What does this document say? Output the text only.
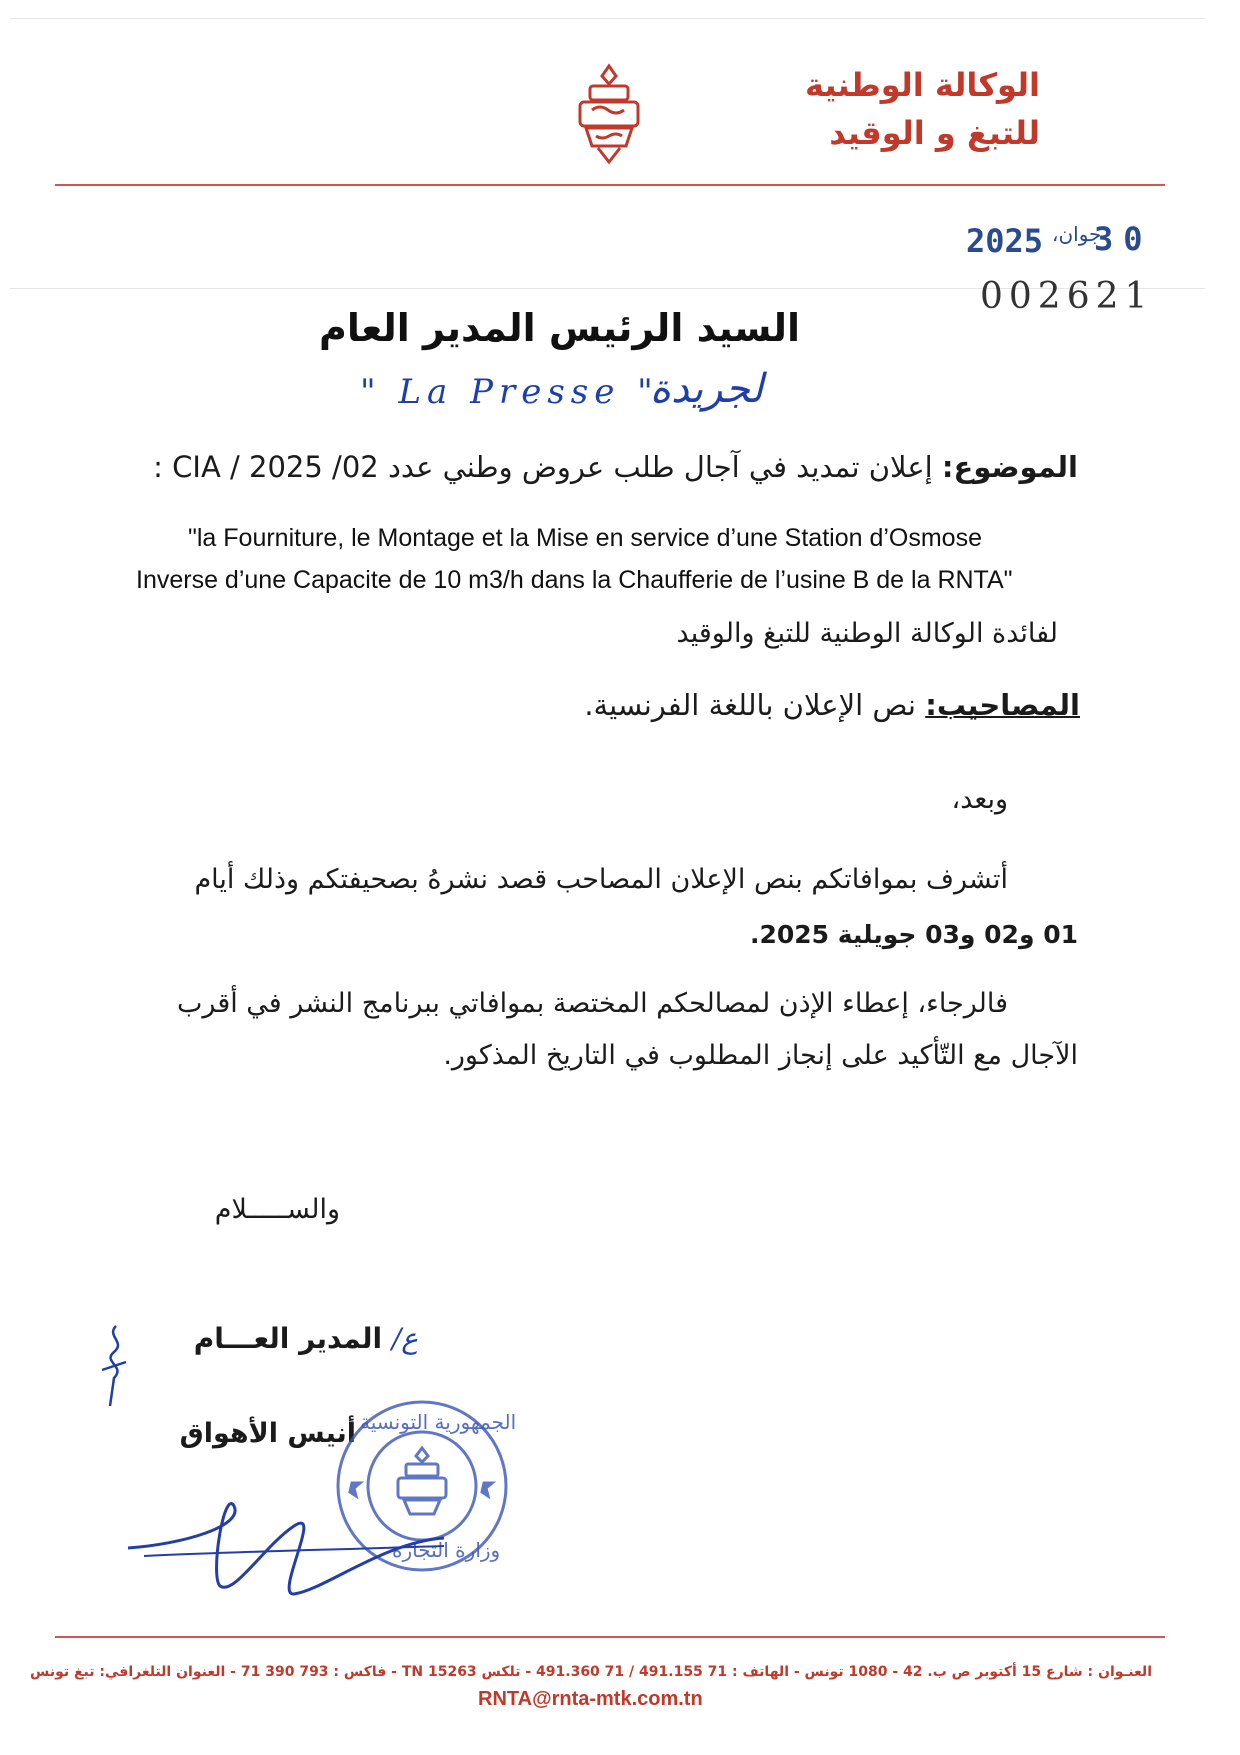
الوكالة الوطنية
للتبغ و الوقيد
2025 جوان،
30
002621
السيد الرئيس المدير العام
" La Presse "
لجريدة
الموضوع: إعلان تمديد في آجال طلب عروض وطني عدد 02/ CIA / 2025 :
"la Fourniture, le Montage et la Mise en service d’une Station d’Osmose
Inverse d’une Capacite de 10 m3/h dans la Chaufferie de l’usine B de la RNTA"
لفائدة الوكالة الوطنية للتبغ والوقيد
المصاحيب: نص الإعلان باللغة الفرنسية.
وبعد،
أتشرف بموافاتكم بنص الإعلان المصاحب قصد نشرهُ بصحيفتكم وذلك أيام
01 و02 و03 جويلية 2025.
فالرجاء، إعطاء الإذن لمصالحكم المختصة بموافاتي ببرنامج النشر في أقرب
الآجال مع التّأكيد على إنجاز المطلوب في التاريخ المذكور.
والســـــلام
ع/ المدير العـــام
أنيس الأهواق الجمهورية التونسية
وزارة التجارة
العنـوان : شارع 15 أكتوبر ص ب. 42 - 1080 تونس - الهاتف : 71 491.155 / 71 491.360 - تلكس TN 15263 - فاكس : 793 390 71 - العنوان التلغرافي: تبغ تونس
RNTA@rnta-mtk.com.tn
